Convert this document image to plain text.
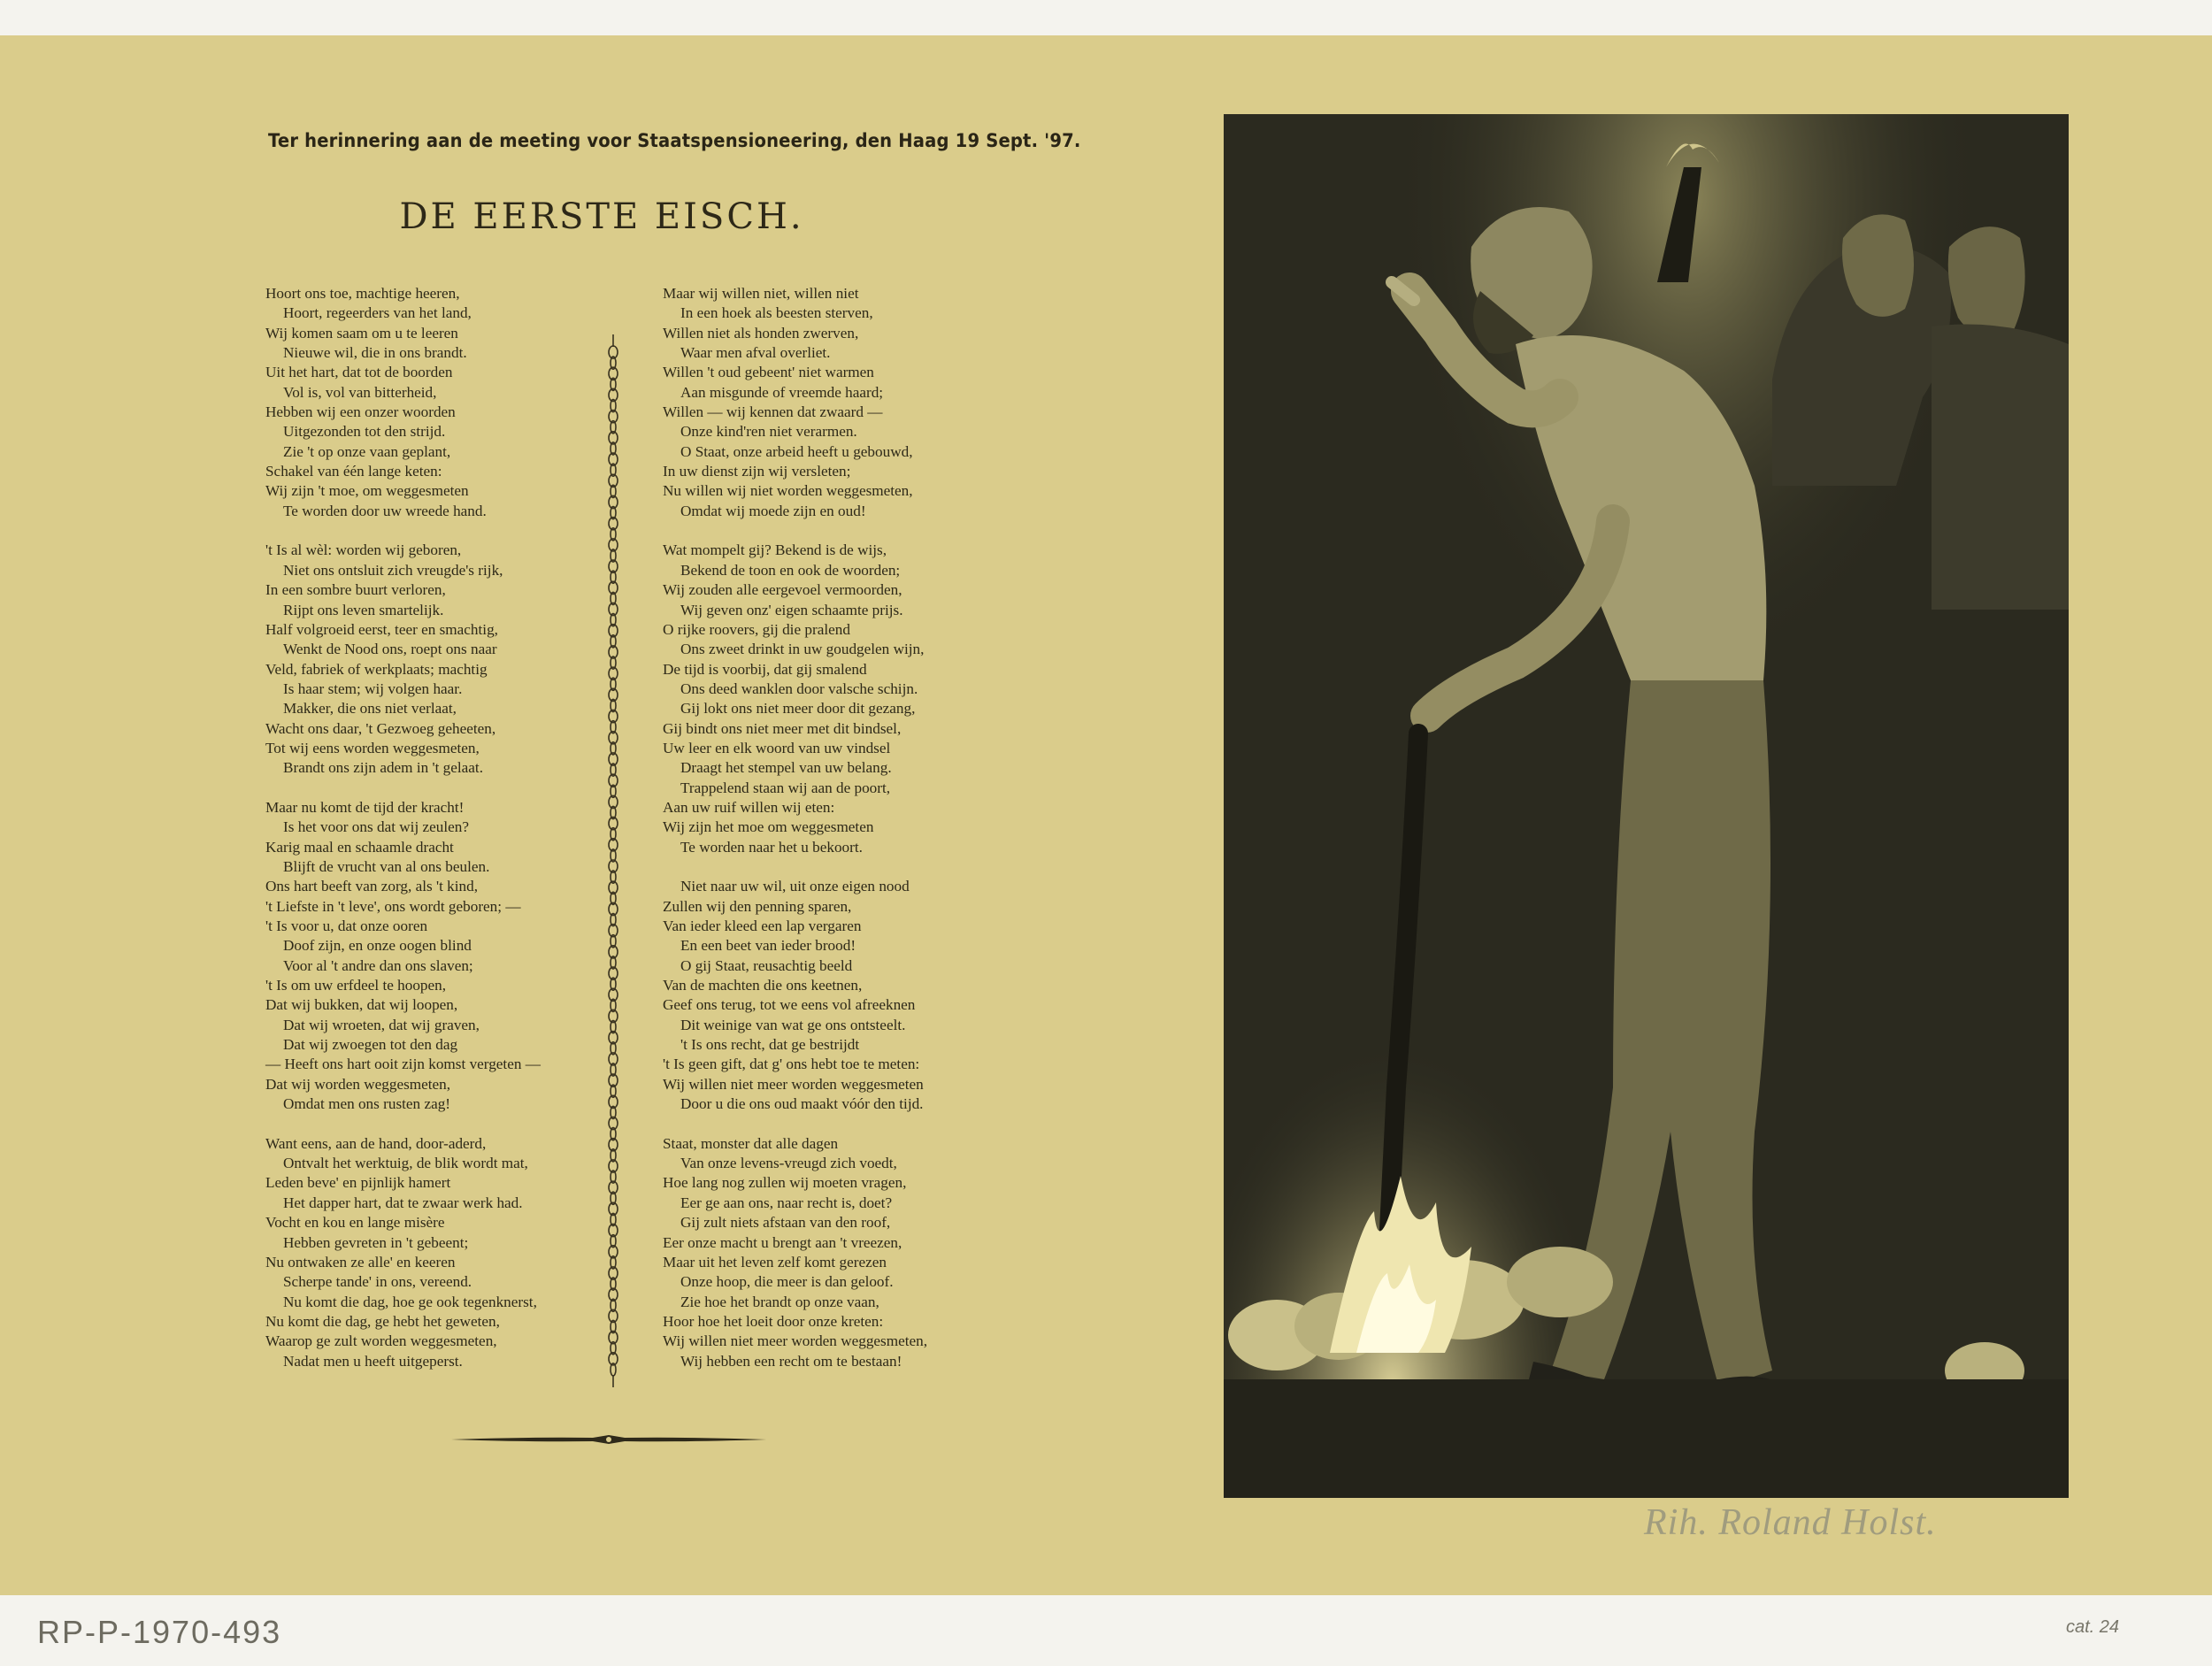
Ter herinnering aan de meeting voor Staatspensioneering, den Haag 19 Sept. '97.
DE EERSTE EISCH.
Hoort ons toe, machtige heeren,
Hoort, regeerders van het land,
Wij komen saam om u te leeren
Nieuwe wil, die in ons brandt.
Uit het hart, dat tot de boorden
Vol is, vol van bitterheid,
Hebben wij een onzer woorden
Uitgezonden tot den strijd.
Zie 't op onze vaan geplant,
Schakel van één lange keten:
Wij zijn 't moe, om weggesmeten
Te worden door uw wreede hand.
't Is al wèl: worden wij geboren,
Niet ons ontsluit zich vreugde's rijk,
In een sombre buurt verloren,
Rijpt ons leven smartelijk.
Half volgroeid eerst, teer en smachtig,
Wenkt de Nood ons, roept ons naar
Veld, fabriek of werkplaats; machtig
Is haar stem; wij volgen haar.
Makker, die ons niet verlaat,
Wacht ons daar, 't Gezwoeg geheeten,
Tot wij eens worden weggesmeten,
Brandt ons zijn adem in 't gelaat.
Maar nu komt de tijd der kracht!
Is het voor ons dat wij zeulen?
Karig maal en schaamle dracht
Blijft de vrucht van al ons beulen.
Ons hart beeft van zorg, als 't kind,
't Liefste in 't leve', ons wordt geboren; —
't Is voor u, dat onze ooren
Doof zijn, en onze oogen blind
Voor al 't andre dan ons slaven;
't Is om uw erfdeel te hoopen,
Dat wij bukken, dat wij loopen,
Dat wij wroeten, dat wij graven,
Dat wij zwoegen tot den dag
— Heeft ons hart ooit zijn komst vergeten —
Dat wij worden weggesmeten,
Omdat men ons rusten zag!
Want eens, aan de hand, door-aderd,
Ontvalt het werktuig, de blik wordt mat,
Leden beve' en pijnlijk hamert
Het dapper hart, dat te zwaar werk had.
Vocht en kou en lange misère
Hebben gevreten in 't gebeent;
Nu ontwaken ze alle' en keeren
Scherpe tande' in ons, vereend.
Nu komt die dag, hoe ge ook tegenknerst,
Nu komt die dag, ge hebt het geweten,
Waarop ge zult worden weggesmeten,
Nadat men u heeft uitgeperst.
Maar wij willen niet, willen niet
In een hoek als beesten sterven,
Willen niet als honden zwerven,
Waar men afval overliet.
Willen 't oud gebeent' niet warmen
Aan misgunde of vreemde haard;
Willen — wij kennen dat zwaard —
Onze kind'ren niet verarmen.
O Staat, onze arbeid heeft u gebouwd,
In uw dienst zijn wij versleten;
Nu willen wij niet worden weggesmeten,
Omdat wij moede zijn en oud!
Wat mompelt gij? Bekend is de wijs,
Bekend de toon en ook de woorden;
Wij zouden alle eergevoel vermoorden,
Wij geven onz' eigen schaamte prijs.
O rijke roovers, gij die pralend
Ons zweet drinkt in uw goudgelen wijn,
De tijd is voorbij, dat gij smalend
Ons deed wanklen door valsche schijn.
Gij lokt ons niet meer door dit gezang,
Gij bindt ons niet meer met dit bindsel,
Uw leer en elk woord van uw vindsel
Draagt het stempel van uw belang.
Trappelend staan wij aan de poort,
Aan uw ruif willen wij eten:
Wij zijn het moe om weggesmeten
Te worden naar het u bekoort.
Niet naar uw wil, uit onze eigen nood
Zullen wij den penning sparen,
Van ieder kleed een lap vergaren
En een beet van ieder brood!
O gij Staat, reusachtig beeld
Van de machten die ons keetnen,
Geef ons terug, tot we eens vol afreeknen
Dit weinige van wat ge ons ontsteelt.
't Is ons recht, dat ge bestrijdt
't Is geen gift, dat g' ons hebt toe te meten:
Wij willen niet meer worden weggesmeten
Door u die ons oud maakt vóór den tijd.
Staat, monster dat alle dagen
Van onze levens-vreugd zich voedt,
Hoe lang nog zullen wij moeten vragen,
Eer ge aan ons, naar recht is, doet?
Gij zult niets afstaan van den roof,
Eer onze macht u brengt aan 't vreezen,
Maar uit het leven zelf komt gerezen
Onze hoop, die meer is dan geloof.
Zie hoe het brandt op onze vaan,
Hoor hoe het loeit door onze kreten:
Wij willen niet meer worden weggesmeten,
Wij hebben een recht om te bestaan!
Rih. Roland Holst.
RP-P-1970-493	cat. 24
